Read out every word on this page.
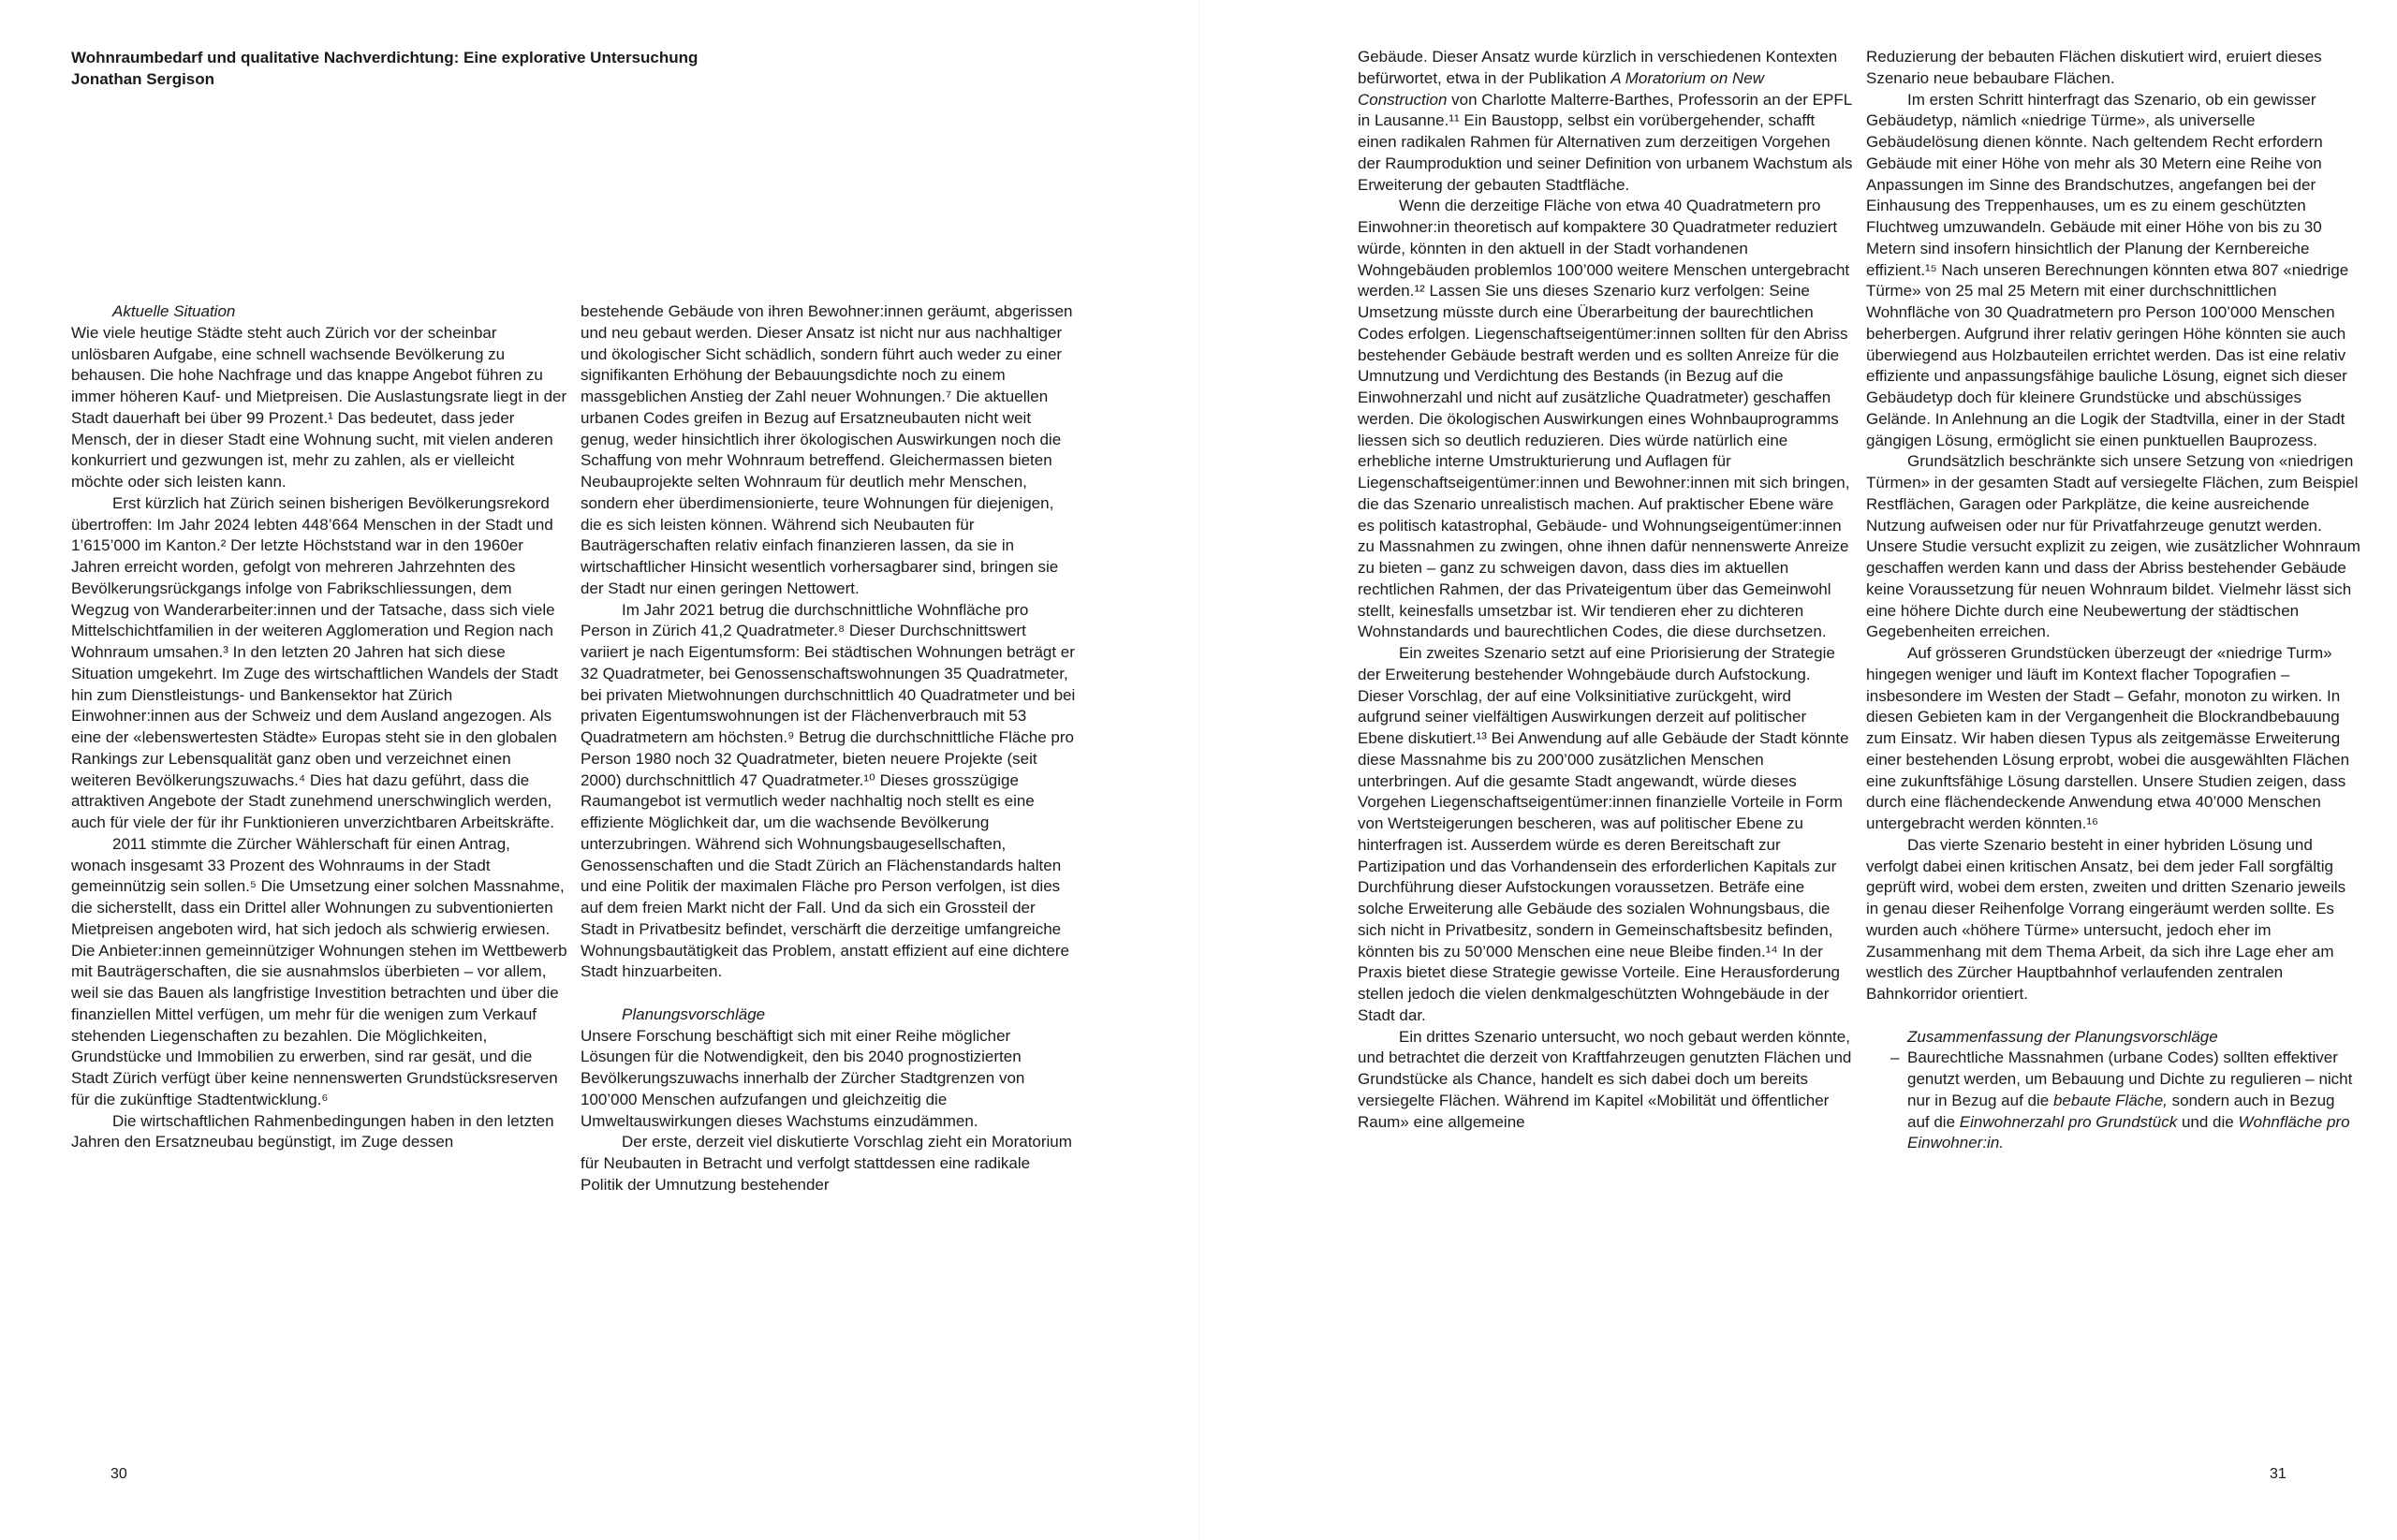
Wohnraumbedarf und qualitative Nachverdichtung: Eine explorative Untersuchung

Jonathan Sergison

Aktuelle Situation

Wie viele heutige Städte steht auch Zürich vor der scheinbar unlösbaren Aufgabe, eine schnell wachsende Bevölkerung zu behausen. Die hohe Nachfrage und das knappe Angebot führen zu immer höheren Kauf- und Mietpreisen. Die Auslastungsrate liegt in der Stadt dauerhaft bei über 99 Prozent.¹ Das bedeutet, dass jeder Mensch, der in dieser Stadt eine Wohnung sucht, mit vielen anderen konkurriert und gezwungen ist, mehr zu zahlen, als er vielleicht möchte oder sich leisten kann.

Erst kürzlich hat Zürich seinen bisherigen Bevölkerungsrekord übertroffen: Im Jahr 2024 lebten 448’664 Menschen in der Stadt und 1’615’000 im Kanton.² Der letzte Höchststand war in den 1960er Jahren erreicht worden, gefolgt von mehreren Jahrzehnten des Bevölkerungsrückgangs infolge von Fabrikschliessungen, dem Wegzug von Wanderarbeiter:innen und der Tatsache, dass sich viele Mittelschichtfamilien in der weiteren Agglomeration und Region nach Wohnraum umsahen.³ In den letzten 20 Jahren hat sich diese Situation umgekehrt. Im Zuge des wirtschaftlichen Wandels der Stadt hin zum Dienstleistungs- und Bankensektor hat Zürich Einwohner:innen aus der Schweiz und dem Ausland angezogen. Als eine der «lebenswertesten Städte» Europas steht sie in den globalen Rankings zur Lebensqualität ganz oben und verzeichnet einen weiteren Bevölkerungszuwachs.⁴ Dies hat dazu geführt, dass die attraktiven Angebote der Stadt zunehmend unerschwinglich werden, auch für viele der für ihr Funktionieren unverzichtbaren Arbeitskräfte.

2011 stimmte die Zürcher Wählerschaft für einen Antrag, wonach insgesamt 33 Prozent des Wohnraums in der Stadt gemeinnützig sein sollen.⁵ Die Umsetzung einer solchen Massnahme, die sicherstellt, dass ein Drittel aller Wohnungen zu subventionierten Mietpreisen angeboten wird, hat sich jedoch als schwierig erwiesen. Die Anbieter:innen gemeinnütziger Wohnungen stehen im Wettbewerb mit Bauträgerschaften, die sie ausnahmslos überbieten – vor allem, weil sie das Bauen als langfristige Investition betrachten und über die finanziellen Mittel verfügen, um mehr für die wenigen zum Verkauf stehenden Liegenschaften zu bezahlen. Die Möglichkeiten, Grundstücke und Immobilien zu erwerben, sind rar gesät, und die Stadt Zürich verfügt über keine nennenswerten Grundstücksreserven für die zukünftige Stadtentwicklung.⁶

Die wirtschaftlichen Rahmenbedingungen haben in den letzten Jahren den Ersatzneubau begünstigt, im Zuge dessen

bestehende Gebäude von ihren Bewohner:innen geräumt, abgerissen und neu gebaut werden. Dieser Ansatz ist nicht nur aus nachhaltiger und ökologischer Sicht schädlich, sondern führt auch weder zu einer signifikanten Erhöhung der Bebauungsdichte noch zu einem massgeblichen Anstieg der Zahl neuer Wohnungen.⁷ Die aktuellen urbanen Codes greifen in Bezug auf Ersatzneubauten nicht weit genug, weder hinsichtlich ihrer ökologischen Auswirkungen noch die Schaffung von mehr Wohnraum betreffend. Gleichermassen bieten Neubauprojekte selten Wohnraum für deutlich mehr Menschen, sondern eher überdimensionierte, teure Wohnungen für diejenigen, die es sich leisten können. Während sich Neubauten für Bauträgerschaften relativ einfach finanzieren lassen, da sie in wirtschaftlicher Hinsicht wesentlich vorhersagbarer sind, bringen sie der Stadt nur einen geringen Nettowert.

Im Jahr 2021 betrug die durchschnittliche Wohnfläche pro Person in Zürich 41,2 Quadratmeter.⁸ Dieser Durchschnittswert variiert je nach Eigentumsform: Bei städtischen Wohnungen beträgt er 32 Quadratmeter, bei Genossenschaftswohnungen 35 Quadratmeter, bei privaten Mietwohnungen durchschnittlich 40 Quadratmeter und bei privaten Eigentumswohnungen ist der Flächenverbrauch mit 53 Quadratmetern am höchsten.⁹ Betrug die durchschnittliche Fläche pro Person 1980 noch 32 Quadratmeter, bieten neuere Projekte (seit 2000) durchschnittlich 47 Quadratmeter.¹⁰ Dieses grosszügige Raumangebot ist vermutlich weder nachhaltig noch stellt es eine effiziente Möglichkeit dar, um die wachsende Bevölkerung unterzubringen. Während sich Wohnungsbaugesellschaften, Genossenschaften und die Stadt Zürich an Flächenstandards halten und eine Politik der maximalen Fläche pro Person verfolgen, ist dies auf dem freien Markt nicht der Fall. Und da sich ein Grossteil der Stadt in Privatbesitz befindet, verschärft die derzeitige umfangreiche Wohnungsbautätigkeit das Problem, anstatt effizient auf eine dichtere Stadt hinzuarbeiten.

Planungsvorschläge

Unsere Forschung beschäftigt sich mit einer Reihe möglicher Lösungen für die Notwendigkeit, den bis 2040 prognostizierten Bevölkerungszuwachs innerhalb der Zürcher Stadtgrenzen von 100’000 Menschen aufzufangen und gleichzeitig die Umweltauswirkungen dieses Wachstums einzudämmen.

Der erste, derzeit viel diskutierte Vorschlag zieht ein Moratorium für Neubauten in Betracht und verfolgt stattdessen eine radikale Politik der Umnutzung bestehender

Gebäude. Dieser Ansatz wurde kürzlich in verschiedenen Kontexten befürwortet, etwa in der Publikation A Moratorium on New Construction von Charlotte Malterre-Barthes, Professorin an der EPFL in Lausanne.¹¹ Ein Baustopp, selbst ein vorübergehender, schafft einen radikalen Rahmen für Alternativen zum derzeitigen Vorgehen der Raumproduktion und seiner Definition von urbanem Wachstum als Erweiterung der gebauten Stadtfläche.

Wenn die derzeitige Fläche von etwa 40 Quadratmetern pro Einwohner:in theoretisch auf kompaktere 30 Quadratmeter reduziert würde, könnten in den aktuell in der Stadt vorhandenen Wohngebäuden problemlos 100’000 weitere Menschen untergebracht werden.¹² Lassen Sie uns dieses Szenario kurz verfolgen: Seine Umsetzung müsste durch eine Überarbeitung der baurechtlichen Codes erfolgen. Liegenschaftseigentümer:innen sollten für den Abriss bestehender Gebäude bestraft werden und es sollten Anreize für die Umnutzung und Verdichtung des Bestands (in Bezug auf die Einwohnerzahl und nicht auf zusätzliche Quadratmeter) geschaffen werden. Die ökologischen Auswirkungen eines Wohnbauprogramms liessen sich so deutlich reduzieren. Dies würde natürlich eine erhebliche interne Umstrukturierung und Auflagen für Liegenschaftseigentümer:innen und Bewohner:innen mit sich bringen, die das Szenario unrealistisch machen. Auf praktischer Ebene wäre es politisch katastrophal, Gebäude- und Wohnungseigentümer:innen zu Massnahmen zu zwingen, ohne ihnen dafür nennenswerte Anreize zu bieten – ganz zu schweigen davon, dass dies im aktuellen rechtlichen Rahmen, der das Privateigentum über das Gemeinwohl stellt, keinesfalls umsetzbar ist. Wir tendieren eher zu dichteren Wohnstandards und baurechtlichen Codes, die diese durchsetzen.

Ein zweites Szenario setzt auf eine Priorisierung der Strategie der Erweiterung bestehender Wohngebäude durch Aufstockung. Dieser Vorschlag, der auf eine Volksinitiative zurückgeht, wird aufgrund seiner vielfältigen Auswirkungen derzeit auf politischer Ebene diskutiert.¹³ Bei Anwendung auf alle Gebäude der Stadt könnte diese Massnahme bis zu 200’000 zusätzlichen Menschen unterbringen. Auf die gesamte Stadt angewandt, würde dieses Vorgehen Liegenschaftseigentümer:innen finanzielle Vorteile in Form von Wertsteigerungen bescheren, was auf politischer Ebene zu hinterfragen ist. Ausserdem würde es deren Bereitschaft zur Partizipation und das Vorhandensein des erforderlichen Kapitals zur Durchführung dieser Aufstockungen voraussetzen. Beträfe eine solche Erweiterung alle Gebäude des sozialen Wohnungsbaus, die sich nicht in Privatbesitz, sondern in Gemeinschaftsbesitz befinden, könnten bis zu 50’000 Menschen eine neue Bleibe finden.¹⁴ In der Praxis bietet diese Strategie gewisse Vorteile. Eine Herausforderung stellen jedoch die vielen denkmalgeschützten Wohngebäude in der Stadt dar.

Ein drittes Szenario untersucht, wo noch gebaut werden könnte, und betrachtet die derzeit von Kraftfahrzeugen genutzten Flächen und Grundstücke als Chance, handelt es sich dabei doch um bereits versiegelte Flächen. Während im Kapitel «Mobilität und öffentlicher Raum» eine allgemeine

Reduzierung der bebauten Flächen diskutiert wird, eruiert dieses Szenario neue bebaubare Flächen.

Im ersten Schritt hinterfragt das Szenario, ob ein gewisser Gebäudetyp, nämlich «niedrige Türme», als universelle Gebäudelösung dienen könnte. Nach geltendem Recht erfordern Gebäude mit einer Höhe von mehr als 30 Metern eine Reihe von Anpassungen im Sinne des Brandschutzes, angefangen bei der Einhausung des Treppenhauses, um es zu einem geschützten Fluchtweg umzuwandeln. Gebäude mit einer Höhe von bis zu 30 Metern sind insofern hinsichtlich der Planung der Kernbereiche effizient.¹⁵ Nach unseren Berechnungen könnten etwa 807 «niedrige Türme» von 25 mal 25 Metern mit einer durchschnittlichen Wohnfläche von 30 Quadratmetern pro Person 100’000 Menschen beherbergen. Aufgrund ihrer relativ geringen Höhe könnten sie auch überwiegend aus Holzbauteilen errichtet werden. Das ist eine relativ effiziente und anpassungsfähige bauliche Lösung, eignet sich dieser Gebäudetyp doch für kleinere Grundstücke und abschüssiges Gelände. In Anlehnung an die Logik der Stadtvilla, einer in der Stadt gängigen Lösung, ermöglicht sie einen punktuellen Bauprozess.

Grundsätzlich beschränkte sich unsere Setzung von «niedrigen Türmen» in der gesamten Stadt auf versiegelte Flächen, zum Beispiel Restflächen, Garagen oder Parkplätze, die keine ausreichende Nutzung aufweisen oder nur für Privatfahrzeuge genutzt werden. Unsere Studie versucht explizit zu zeigen, wie zusätzlicher Wohnraum geschaffen werden kann und dass der Abriss bestehender Gebäude keine Voraussetzung für neuen Wohnraum bildet. Vielmehr lässt sich eine höhere Dichte durch eine Neubewertung der städtischen Gegebenheiten erreichen.

Auf grösseren Grundstücken überzeugt der «niedrige Turm» hingegen weniger und läuft im Kontext flacher Topografien – insbesondere im Westen der Stadt – Gefahr, monoton zu wirken. In diesen Gebieten kam in der Vergangenheit die Blockrandbebauung zum Einsatz. Wir haben diesen Typus als zeitgemässe Erweiterung einer bestehenden Lösung erprobt, wobei die ausgewählten Flächen eine zukunftsfähige Lösung darstellen. Unsere Studien zeigen, dass durch eine flächendeckende Anwendung etwa 40’000 Menschen untergebracht werden könnten.¹⁶

Das vierte Szenario besteht in einer hybriden Lösung und verfolgt dabei einen kritischen Ansatz, bei dem jeder Fall sorgfältig geprüft wird, wobei dem ersten, zweiten und dritten Szenario jeweils in genau dieser Reihenfolge Vorrang eingeräumt werden sollte. Es wurden auch «höhere Türme» untersucht, jedoch eher im Zusammenhang mit dem Thema Arbeit, da sich ihre Lage eher am westlich des Zürcher Hauptbahnhof verlaufenden zentralen Bahnkorridor orientiert.

Zusammenfassung der Planungsvorschläge

– Baurechtliche Massnahmen (urbane Codes) sollten effektiver genutzt werden, um Bebauung und Dichte zu regulieren – nicht nur in Bezug auf die bebaute Fläche, sondern auch in Bezug auf die Einwohnerzahl pro Grundstück und die Wohnfläche pro Einwohner:in.

30	31
